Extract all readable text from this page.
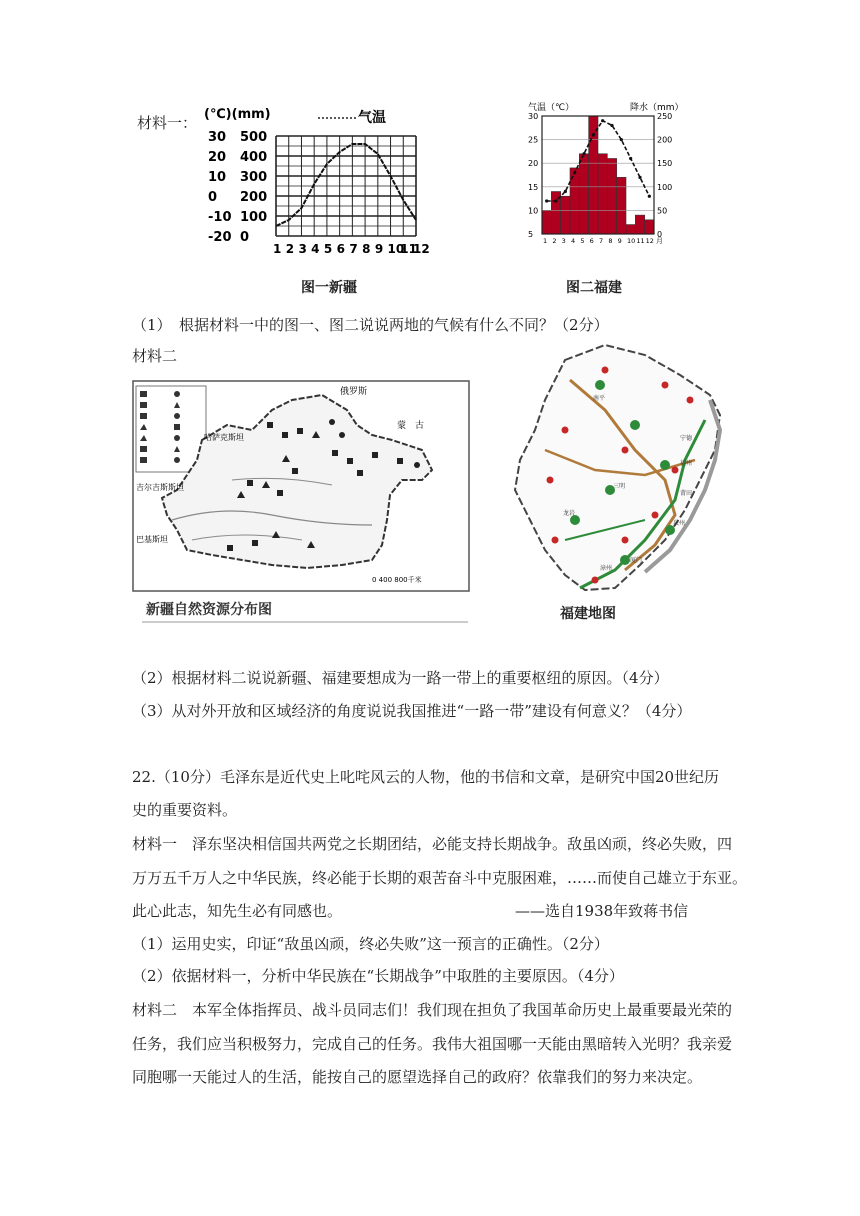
材料一： (℃)(mm)	气温
30
20
10
0
-10
-20
500
400
300
200
100
0
1 2 3 4 5 6 7 8 9 10
11
12
图一新疆
气温（℃）	降水（mm）
30
25
20
15
10
5
250
200
150
100
50
0
1 2 3 4 5 6 7 8 9 10 11 12 月
图二福建
（1）　根据材料一中的图一、图二说说两地的气候有什么不同？（2分）
材料二
俄罗斯
蒙　古
哈萨克斯坦
吉尔吉斯斯坦
巴基斯坦
0 400 800千米
新疆自然资源分布图
南平
宁德
福州
三明
莆田
泉州
龙岩
厦门
漳州
福建地图
（2）根据材料二说说新疆、福建要想成为一路一带上的重要枢纽的原因。（4分）
（3）从对外开放和区域经济的角度说说我国推进“一路一带”建设有何意义？（4分）
22.（10分）毛泽东是近代史上叱咤风云的人物，他的书信和文章，是研究中国20世纪历
史的重要资料。
材料一　泽东坚决相信国共两党之长期团结，必能支持长期战争。敌虽凶顽，终必失败，四
万万五千万人之中华民族，终必能于长期的艰苦奋斗中克服困难，……而使自己雄立于东亚。
此心此志，知先生必有同感也。	——选自1938年致蒋书信
（1）运用史实，印证“敌虽凶顽，终必失败”这一预言的正确性。（2分）
（2）依据材料一，分析中华民族在“长期战争”中取胜的主要原因。（4分）
材料二　本军全体指挥员、战斗员同志们！我们现在担负了我国革命历史上最重要最光荣的
任务，我们应当积极努力，完成自己的任务。我伟大祖国哪一天能由黑暗转入光明？我亲爱
同胞哪一天能过人的生活，能按自己的愿望选择自己的政府？依靠我们的努力来决定。
